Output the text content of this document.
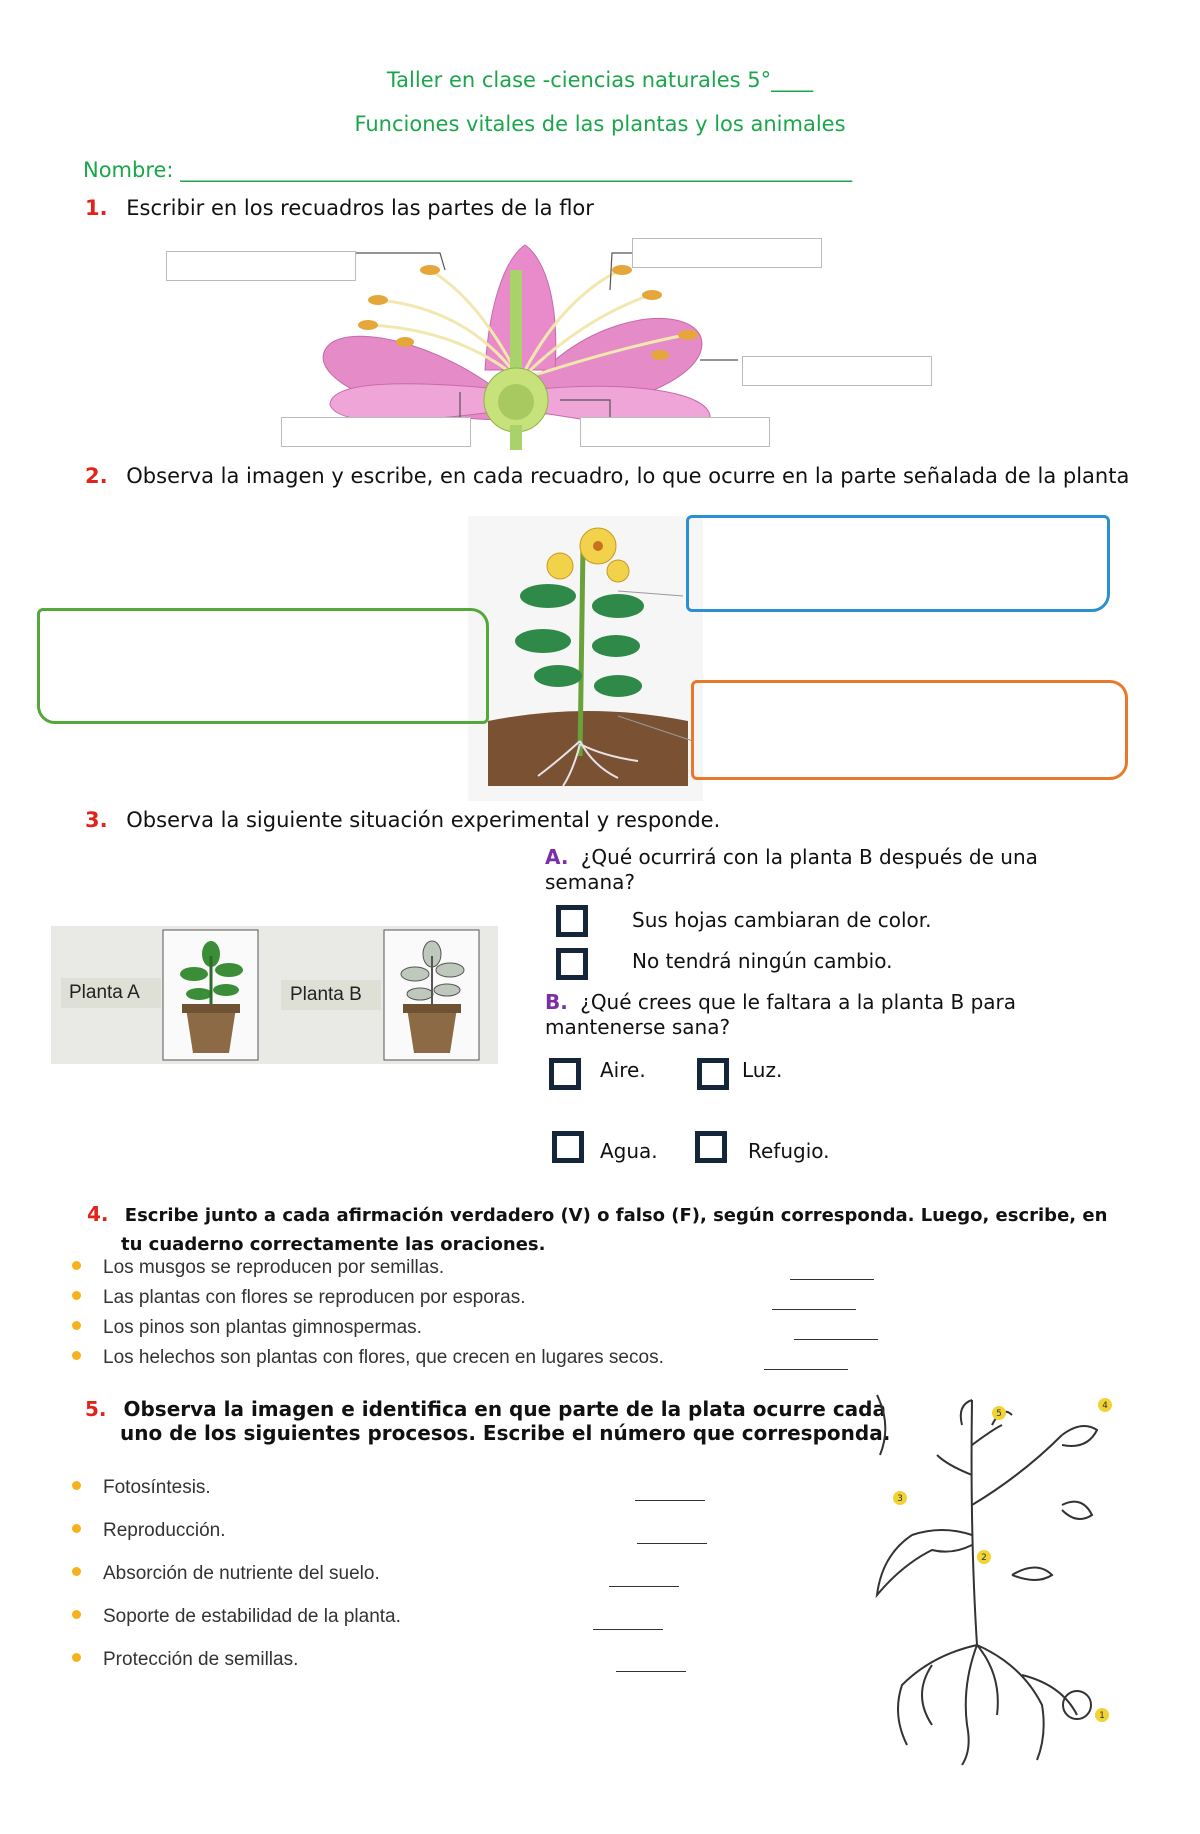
Taller en clase -ciencias naturales 5°____
Funciones vitales de las plantas y los animales
Nombre: ________________________________________________________________
1. Escribir en los recuadros las partes de la flor
2. Observa la imagen y escribe, en cada recuadro, lo que ocurre en la parte señalada de la planta
3. Observa la siguiente situación experimental y responde.
Planta A	Planta B
A. ¿Qué ocurrirá con la planta B después de una
semana?
Sus hojas cambiaran de color.
No tendrá ningún cambio.
B. ¿Qué crees que le faltara a la planta B para
mantenerse sana?
Aire.	Luz.
Agua.	Refugio.
4. Escribe junto a cada afirmación verdadero (V) o falso (F), según corresponda. Luego, escribe, en
tu cuaderno correctamente las oraciones.
Los musgos se reproducen por semillas.
Las plantas con flores se reproducen por esporas.
Los pinos son plantas gimnospermas.
Los helechos son plantas con flores, que crecen en lugares secos.
5. Observa la imagen e identifica en que parte de la plata ocurre cada
uno de los siguientes procesos. Escribe el número que corresponda.
Fotosíntesis.
Reproducción.
Absorción de nutriente del suelo.
Soporte de estabilidad de la planta.
Protección de semillas.
1
2
3
4
5
